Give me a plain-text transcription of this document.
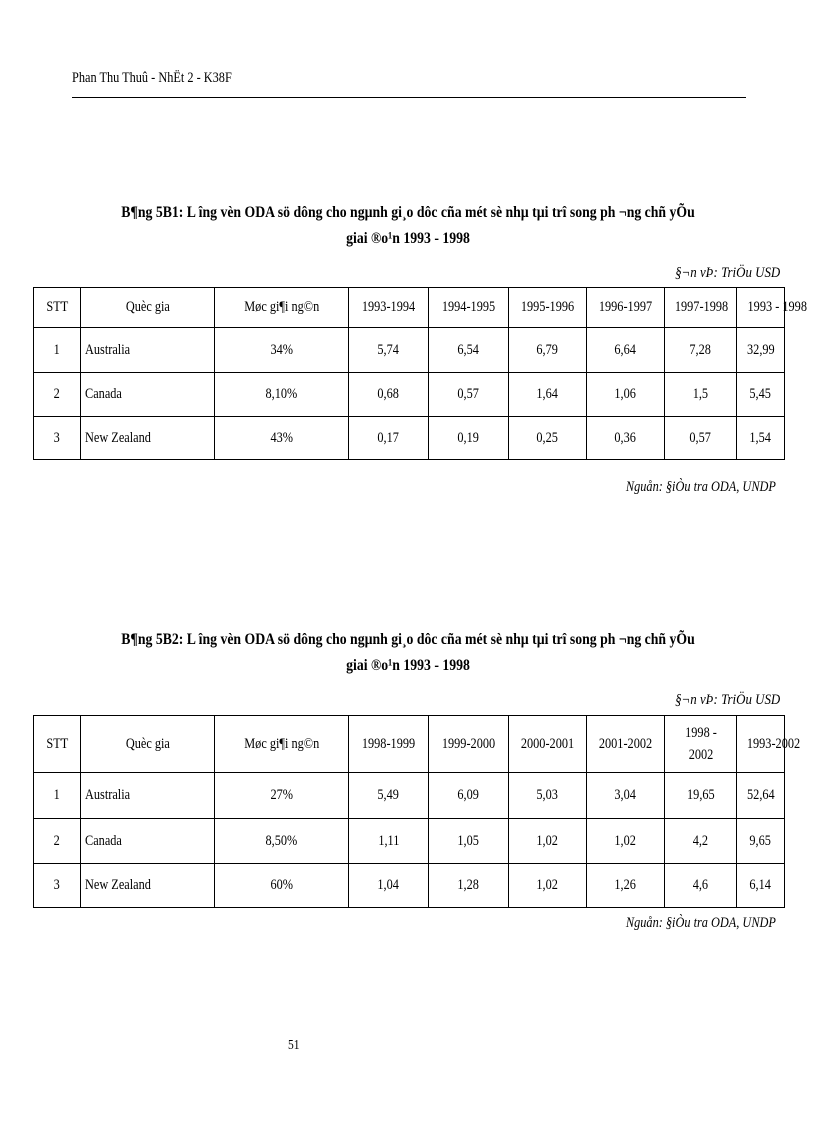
Phan Thu Thuû - NhËt 2 - K38F
B¶ng 5B1: L îng vèn ODA sö dông cho ngµnh gi¸o dôc cña mét sè nhµ tµi trî song ph ¬ng chñ yÕu
giai ®o¹n 1993 - 1998
§¬n vÞ: TriÖu USD
STT	Quèc gia	Møc gi¶i ng©n	1993-1994	1994-1995	1995-1996	1996-1997	1997-1998	1993 - 1998
1	Australia	34%	5,74	6,54	6,79	6,64	7,28	32,99
2	Canada	8,10%	0,68	0,57	1,64	1,06	1,5	5,45
3	New Zealand	43%	0,17	0,19	0,25	0,36	0,57	1,54
Nguån: §iÒu tra ODA, UNDP
B¶ng 5B2: L îng vèn ODA sö dông cho ngµnh gi¸o dôc cña mét sè nhµ tµi trî song ph ¬ng chñ yÕu
giai ®o¹n 1993 - 1998
§¬n vÞ: TriÖu USD
STT	Quèc gia	Møc gi¶i ng©n	1998-1999	1999-2000	2000-2001	2001-2002	1998 - 2002	1993-2002
1	Australia	27%	5,49	6,09	5,03	3,04	19,65	52,64
2	Canada	8,50%	1,11	1,05	1,02	1,02	4,2	9,65
3	New Zealand	60%	1,04	1,28	1,02	1,26	4,6	6,14
Nguån: §iÒu tra ODA, UNDP
51
